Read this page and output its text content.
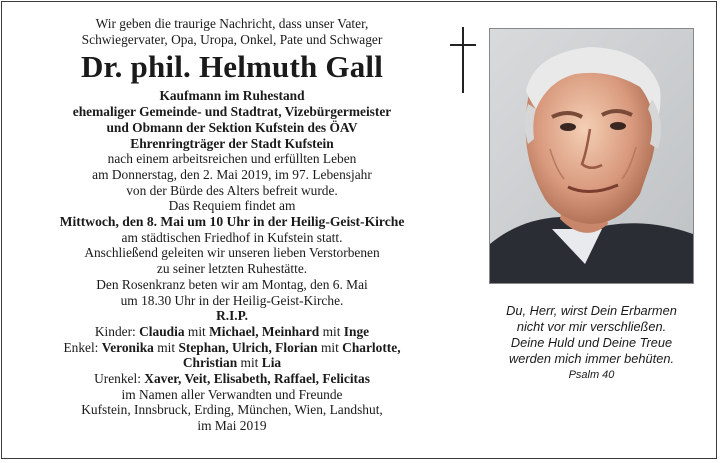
Wir geben die traurige Nachricht, dass unser Vater,

Schwiegervater, Opa, Uropa, Onkel, Pate und Schwager

Dr. phil. Helmuth Gall

Kaufmann im Ruhestand

ehemaliger Gemeinde- und Stadtrat, Vizebürgermeister

und Obmann der Sektion Kufstein des ÖAV

Ehrenringträger der Stadt Kufstein

nach einem arbeitsreichen und erfüllten Leben

am Donnerstag, den 2. Mai 2019, im 97. Lebensjahr

von der Bürde des Alters befreit wurde.

Das Requiem findet am

Mittwoch, den 8. Mai um 10 Uhr in der Heilig-Geist-Kirche

am städtischen Friedhof in Kufstein statt.

Anschließend geleiten wir unseren lieben Verstorbenen

zu seiner letzten Ruhestätte.

Den Rosenkranz beten wir am Montag, den 6. Mai

um 18.30 Uhr in der Heilig-Geist-Kirche.

R.I.P.

Kinder: Claudia mit Michael, Meinhard mit Inge

Enkel: Veronika mit Stephan, Ulrich, Florian mit Charlotte,

Christian mit Lia

Urenkel: Xaver, Veit, Elisabeth, Raffael, Felicitas

im Namen aller Verwandten und Freunde

Kufstein, Innsbruck, Erding, München, Wien, Landshut,

im Mai 2019

Du, Herr, wirst Dein Erbarmen

nicht vor mir verschließen.

Deine Huld und Deine Treue

werden mich immer behüten.

Psalm 40
